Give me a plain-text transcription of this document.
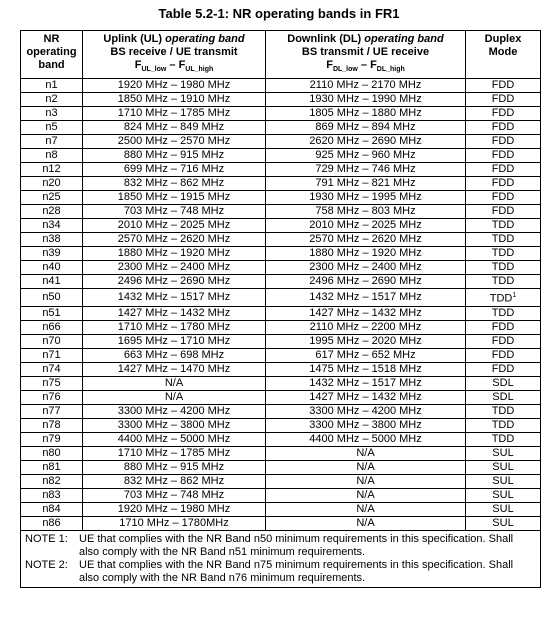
Table 5.2-1: NR operating bands in FR1
NR
operating
band	Uplink (UL) operating band
BS receive / UE transmit
$F_{UL\_low} - F_{UL\_high}$	Downlink (DL) operating band
BS transmit / UE receive
$F_{DL\_low} - F_{DL\_high}$	Duplex
Mode

n1	1920 MHz – 1980 MHz	2110 MHz – 2170 MHz	FDD
n2	1850 MHz – 1910 MHz	1930 MHz – 1990 MHz	FDD
n3	1710 MHz – 1785 MHz	1805 MHz – 1880 MHz	FDD
n5	824 MHz – 849 MHz	869 MHz – 894 MHz	FDD
n7	2500 MHz – 2570 MHz	2620 MHz – 2690 MHz	FDD
n8	880 MHz – 915 MHz	925 MHz – 960 MHz	FDD
n12	699 MHz – 716 MHz	729 MHz – 746 MHz	FDD
n20	832 MHz – 862 MHz	791 MHz – 821 MHz	FDD
n25	1850 MHz – 1915 MHz	1930 MHz – 1995 MHz	FDD
n28	703 MHz – 748 MHz	758 MHz – 803 MHz	FDD
n34	2010 MHz – 2025 MHz	2010 MHz – 2025 MHz	TDD
n38	2570 MHz – 2620 MHz	2570 MHz – 2620 MHz	TDD
n39	1880 MHz – 1920 MHz	1880 MHz – 1920 MHz	TDD
n40	2300 MHz – 2400 MHz	2300 MHz – 2400 MHz	TDD
n41	2496 MHz – 2690 MHz	2496 MHz – 2690 MHz	TDD
n50	1432 MHz – 1517 MHz	1432 MHz – 1517 MHz	TDD$^1$
n51	1427 MHz – 1432 MHz	1427 MHz – 1432 MHz	TDD
n66	1710 MHz – 1780 MHz	2110 MHz – 2200 MHz	FDD
n70	1695 MHz – 1710 MHz	1995 MHz – 2020 MHz	FDD
n71	663 MHz – 698 MHz	617 MHz – 652 MHz	FDD
n74	1427 MHz – 1470 MHz	1475 MHz – 1518 MHz	FDD
n75	N/A	1432 MHz – 1517 MHz	SDL
n76	N/A	1427 MHz – 1432 MHz	SDL
n77	3300 MHz – 4200 MHz	3300 MHz – 4200 MHz	TDD
n78	3300 MHz – 3800 MHz	3300 MHz – 3800 MHz	TDD
n79	4400 MHz – 5000 MHz	4400 MHz – 5000 MHz	TDD
n80	1710 MHz – 1785 MHz	N/A	SUL
n81	880 MHz – 915 MHz	N/A	SUL
n82	832 MHz – 862 MHz	N/A	SUL
n83	703 MHz – 748 MHz	N/A	SUL
n84	1920 MHz – 1980 MHz	N/A	SUL
n86	1710 MHz – 1780MHz	N/A	SUL

NOTE 1: UE that complies with the NR Band n50 minimum requirements in this specification. Shall also comply with the NR Band n51 minimum requirements.
NOTE 2: UE that complies with the NR Band n75 minimum requirements in this specification. Shall also comply with the NR Band n76 minimum requirements.			
